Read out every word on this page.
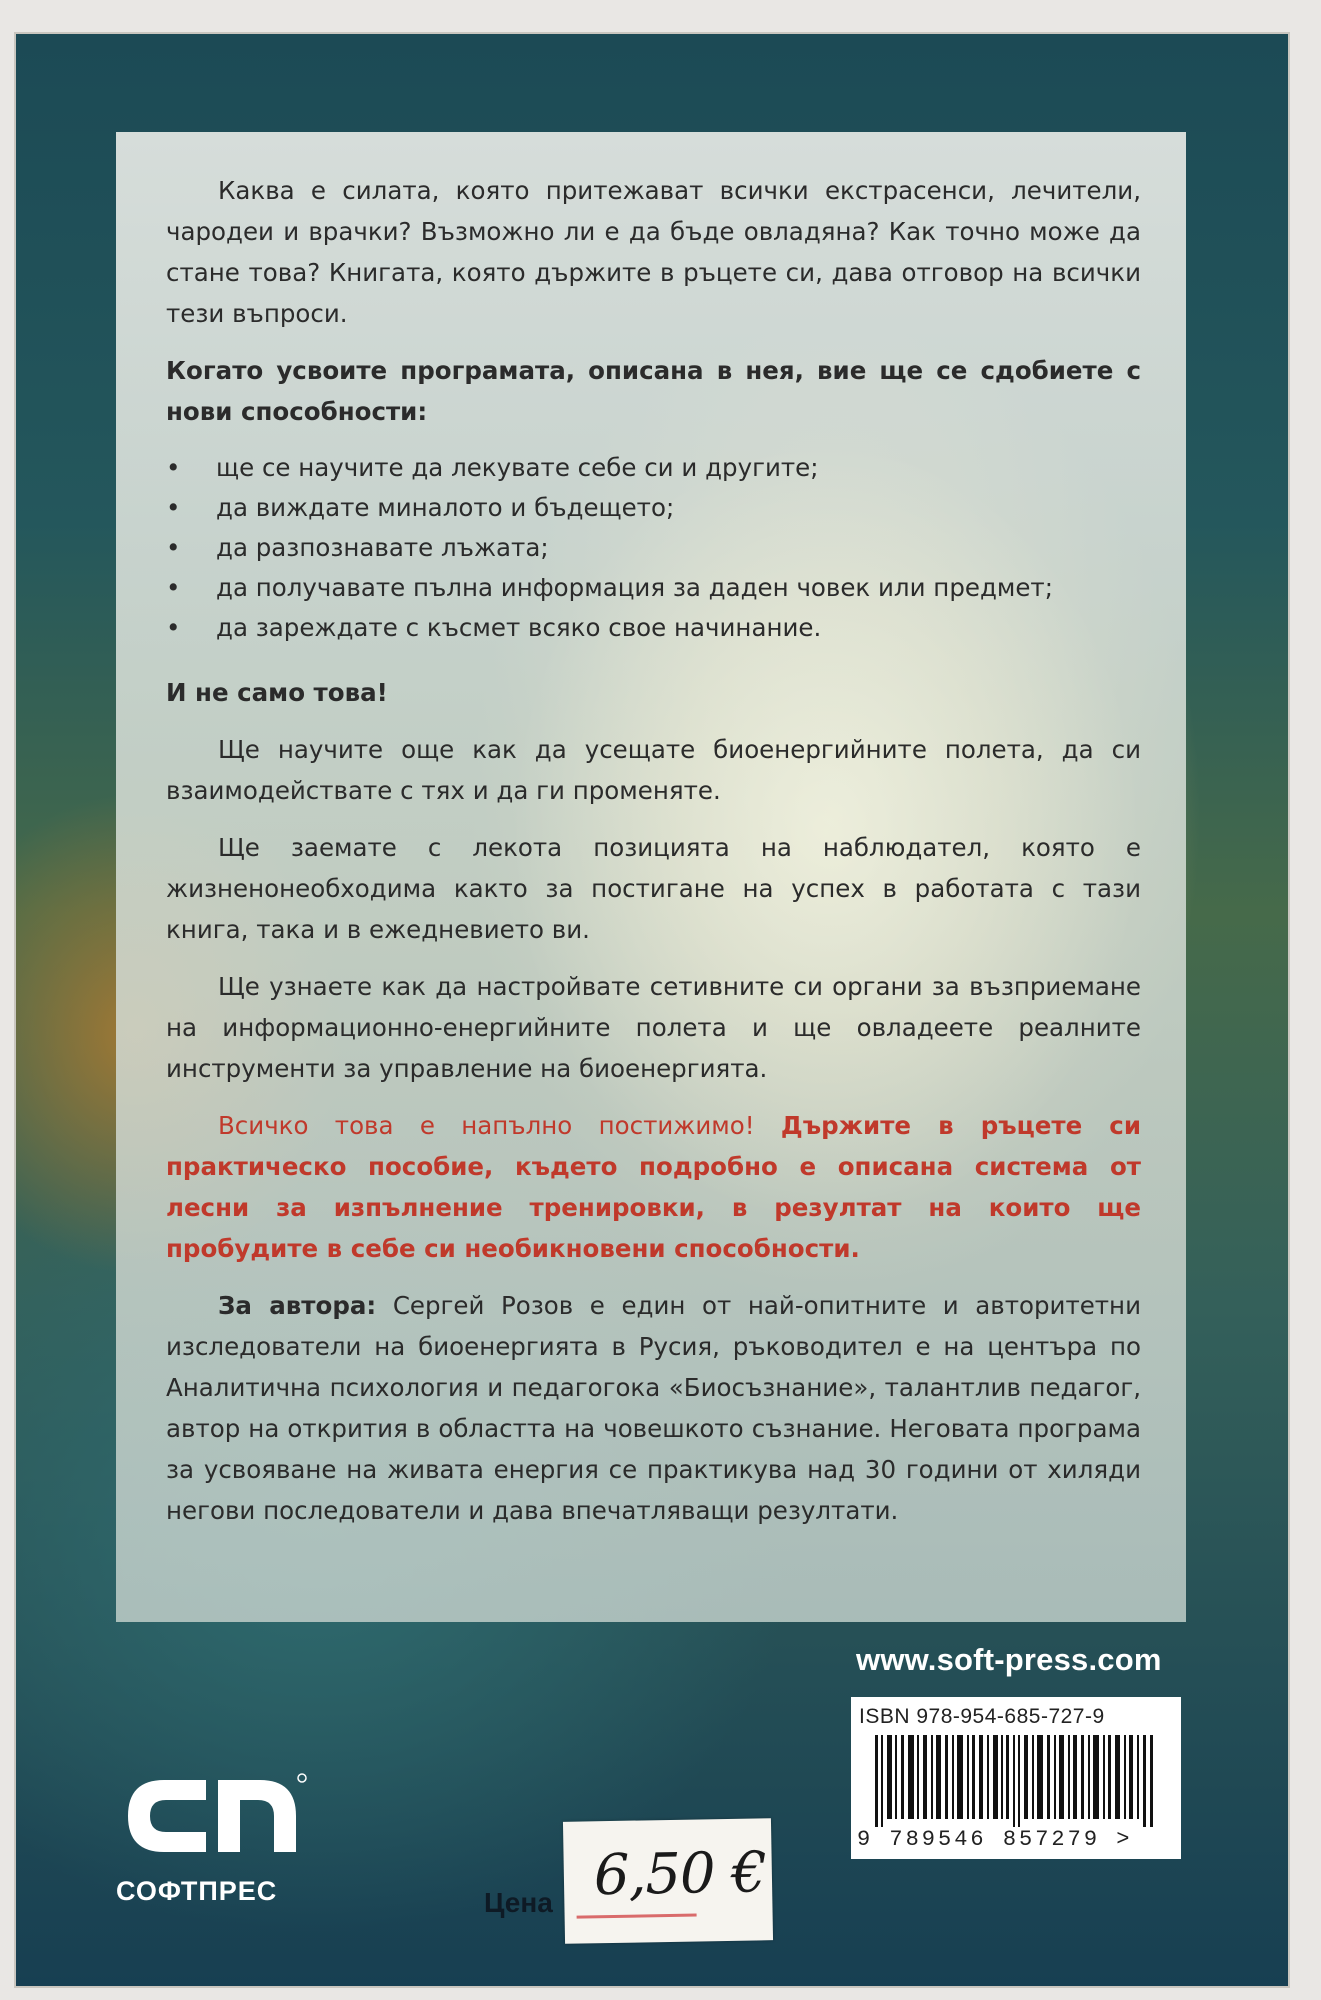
Каква е силата, която притежават всички екстрасенси, лечители, чародеи и врачки? Възможно ли е да бъде овладяна? Как точно може да стане това? Книгата, която държите в ръцете си, дава отговор на всички тези въпроси.

Когато усвоите програмата, описана в нея, вие ще се сдобиете с нови способности:

• ще се научите да лекувате себе си и другите;
• да виждате миналото и бъдещето;
• да разпознавате лъжата;
• да получавате пълна информация за даден човек или предмет;
• да зареждате с късмет всяко свое начинание.

И не само това!

Ще научите още как да усещате биоенергийните полета, да си взаимодействате с тях и да ги променяте.

Ще заемате с лекота позицията на наблюдател, която е жизненонеобходима както за постигане на успех в работата с тази книга, така и в ежедневието ви.

Ще узнаете как да настройвате сетивните си органи за възприемане на информационно-енергийните полета и ще овладеете реалните инструменти за управление на биоенергията.

Всичко това е напълно постижимо! Държите в ръцете си практическо пособие, където подробно е описана система от лесни за изпълнение тренировки, в резултат на които ще пробудите в себе си необикновени способности.

За автора: Сергей Розов е един от най-опитните и авторитетни изследователи на биоенергията в Русия, ръководител е на центъра по Аналитична психология и педагогока «Биосъзнание», талантлив педагог, автор на открития в областта на човешкото съзнание. Неговата програма за усвояване на живата енергия се практикува над 30 години от хиляди негови последователи и дава впечатляващи резултати.

www.soft-press.com
ISBN 978-954-685-727-9
9 789546 857279 >
СОФТПРЕС	Цена 6,50 €
